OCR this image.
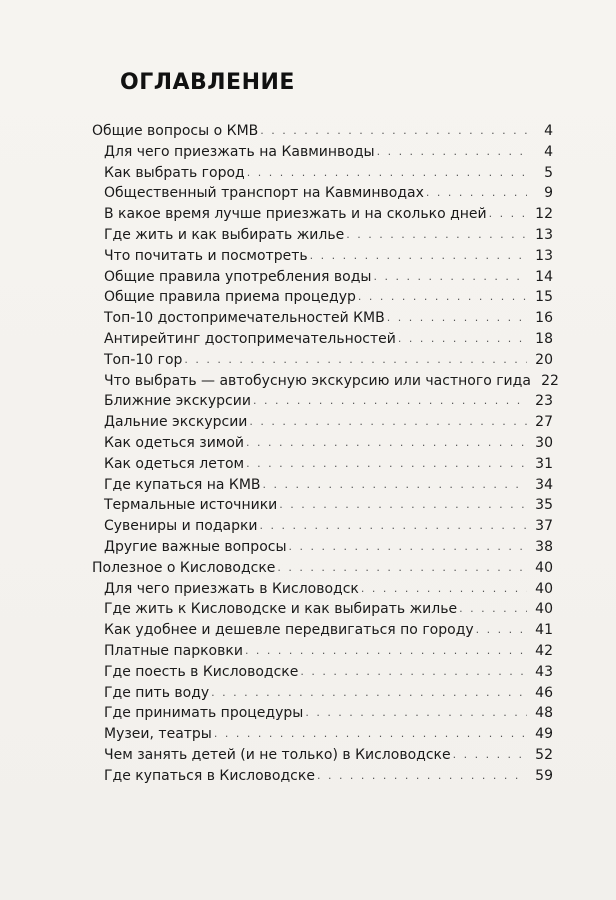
ОГЛАВЛЕНИЕ
Общие вопросы о КМВ . . .	4
Для чего приезжать на Кавминводы . . .	4
Как выбрать город . . .	5
Общественный транспорт на Кавминводах . . .	9
В какое время лучше приезжать и на сколько дней . . .	12
Где жить и как выбирать жилье . . .	13
Что почитать и посмотреть . . .	13
Общие правила употребления воды . . .	14
Общие правила приема процедур . . .	15
Топ-10 достопримечательностей КМВ . . .	16
Антирейтинг достопримечательностей . . .	18
Топ-10 гор . . .	20
Что выбрать — автобусную экскурсию или частного гида 22
Ближние экскурсии . . .	23
Дальние экскурсии . . .	27
Как одеться зимой . . .	30
Как одеться летом . . .	31
Где купаться на КМВ . . .	34
Термальные источники . . .	35
Сувениры и подарки . . .	37
Другие важные вопросы . . .	38
Полезное о Кисловодске . . .	40
Для чего приезжать в Кисловодск . . .	40
Где жить к Кисловодске и как выбирать жилье . . .	40
Как удобнее и дешевле передвигаться по городу . . .	41
Платные парковки . . .	42
Где поесть в Кисловодске . . .	43
Где пить воду . . .	46
Где принимать процедуры . . .	48
Музеи, театры . . .	49
Чем занять детей (и не только) в Кисловодске . . .	52
Где купаться в Кисловодске . . .	59
